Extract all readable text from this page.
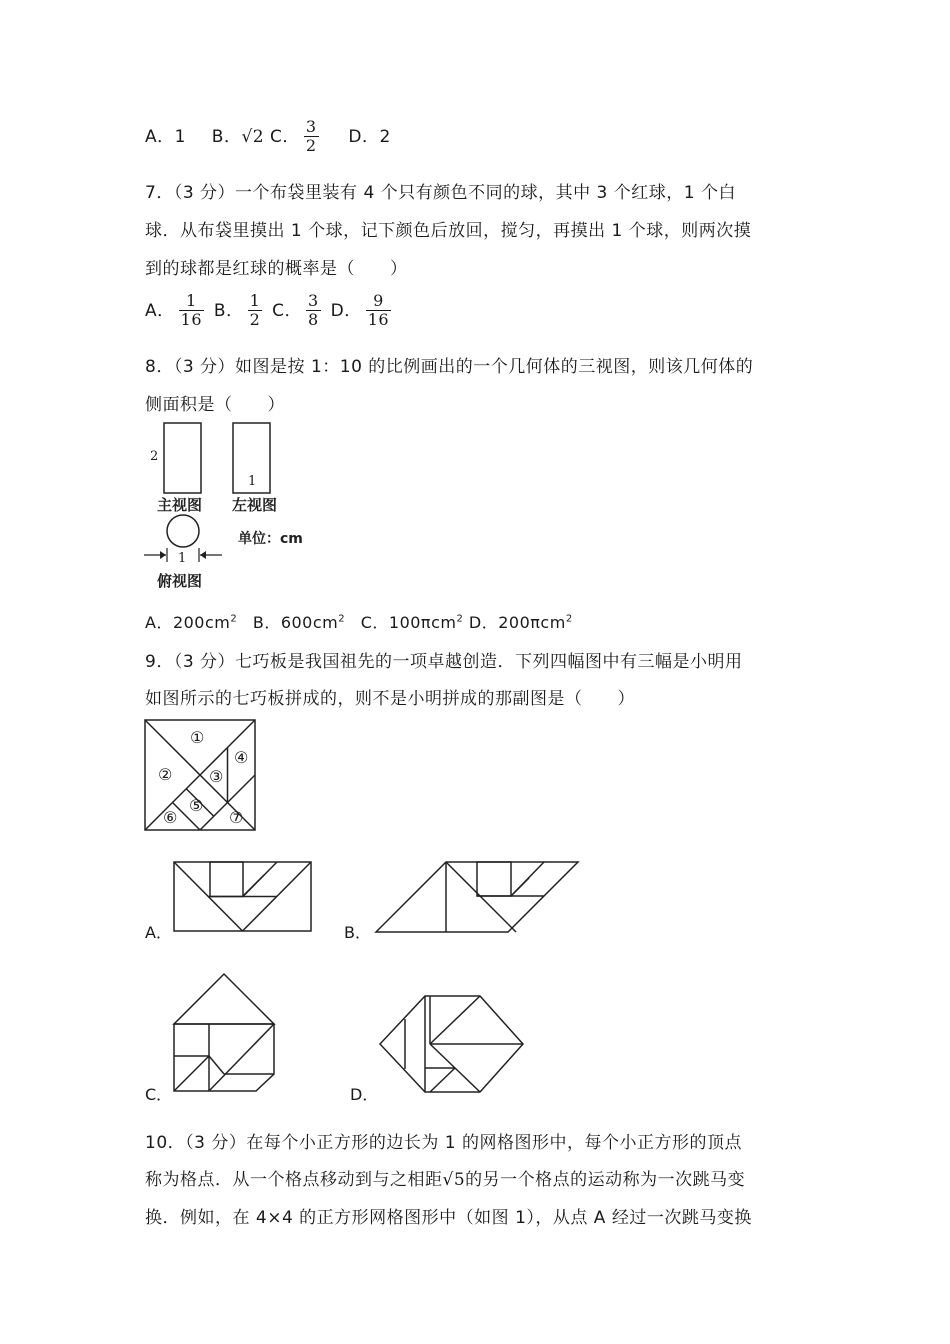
A．1 B．√2 C． $\frac{3}{2}$ D．2
7．（3 分）一个布袋里装有 4 个只有颜色不同的球，其中 3 个红球，1 个白
球．从布袋里摸出 1 个球，记下颜色后放回，搅匀，再摸出 1 个球，则两次摸
到的球都是红球的概率是（　　）
A． $\frac{1}{16}$ B． $\frac{1}{2}$ C． $\frac{3}{8}$ D． $\frac{9}{16}$
8．（3 分）如图是按 1：10 的比例画出的一个几何体的三视图，则该几何体的
侧面积是（　　）
2
1
主视图 左视图
单位：cm
1
俯视图
A．$200cm^2$ B．$600cm^2$ C．100πcm$^2$ D．200πcm$^2$
9．（3 分）七巧板是我国祖先的一项卓越创造．下列四幅图中有三幅是小明用
如图所示的七巧板拼成的，则不是小明拼成的那副图是（　　）
①
② ③
④
⑤
⑥	⑦
A．	B．
C．	D．
10．（3 分）在每个小正方形的边长为 1 的网格图形中，每个小正方形的顶点
称为格点．从一个格点移动到与之相距√5的另一个格点的运动称为一次跳马变
换．例如，在 4×4 的正方形网格图形中（如图 1），从点 A 经过一次跳马变换
